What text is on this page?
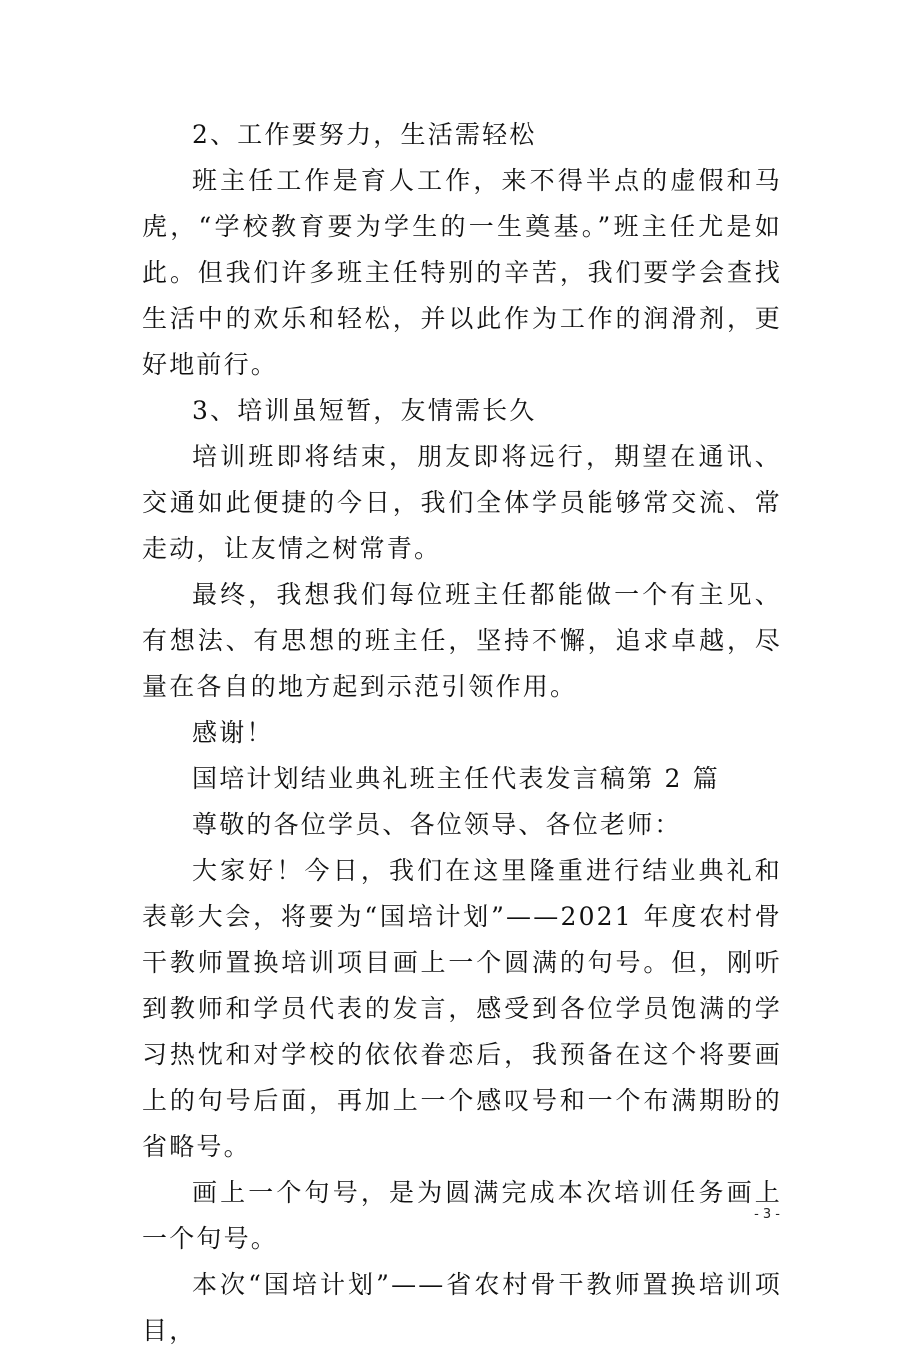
2、工作要努力，生活需轻松

班主任工作是育人工作，来不得半点的虚假和马虎，“学校教育要为学生的一生奠基。”班主任尤是如此。但我们许多班主任特别的辛苦，我们要学会查找生活中的欢乐和轻松，并以此作为工作的润滑剂，更好地前行。

3、培训虽短暂，友情需长久

培训班即将结束，朋友即将远行，期望在通讯、交通如此便捷的今日，我们全体学员能够常交流、常走动，让友情之树常青。

最终，我想我们每位班主任都能做一个有主见、有想法、有思想的班主任，坚持不懈，追求卓越，尽量在各自的地方起到示范引领作用。

感谢！

国培计划结业典礼班主任代表发言稿第 2 篇

尊敬的各位学员、各位领导、各位老师：

大家好！今日，我们在这里隆重进行结业典礼和表彰大会，将要为“国培计划”——2021 年度农村骨干教师置换培训项目画上一个圆满的句号。但，刚听到教师和学员代表的发言，感受到各位学员饱满的学习热忱和对学校的依依眷恋后，我预备在这个将要画上的句号后面，再加上一个感叹号和一个布满期盼的省略号。

画上一个句号，是为圆满完成本次培训任务画上一个句号。

本次“国培计划”——省农村骨干教师置换培训项目，

- 3 -
